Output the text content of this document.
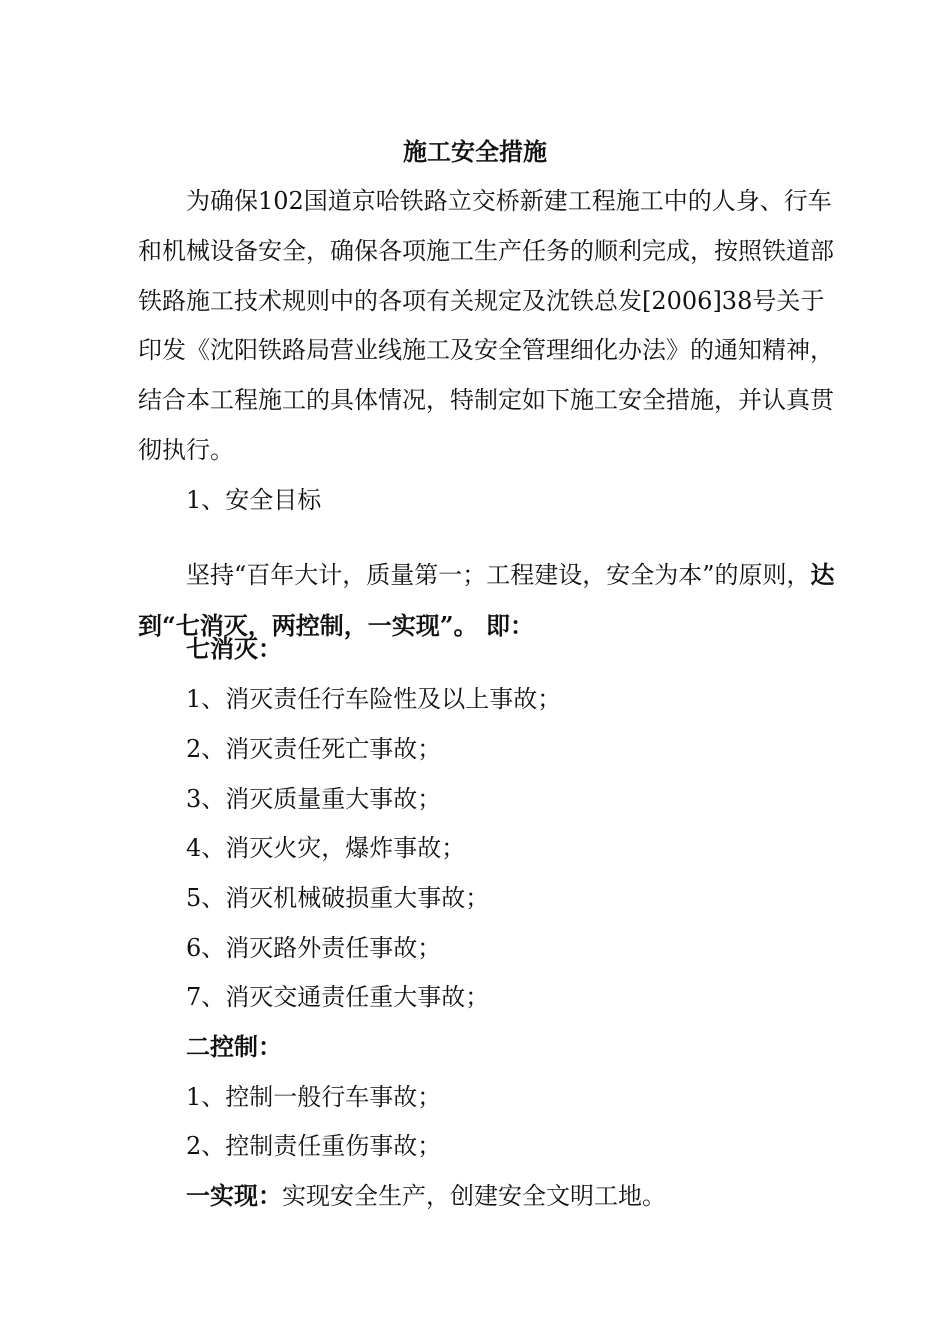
施工安全措施

为确保102国道京哈铁路立交桥新建工程施工中的人身、行车和机械设备安全，确保各项施工生产任务的顺利完成，按照铁道部铁路施工技术规则中的各项有关规定及沈铁总发[2006]38号关于印发《沈阳铁路局营业线施工及安全管理细化办法》的通知精神，结合本工程施工的具体情况，特制定如下施工安全措施，并认真贯彻执行。

1、安全目标

坚持“百年大计，质量第一；工程建设，安全为本”的原则，达到“七消灭，两控制，一实现”。 即：

七消灭：
1、消灭责任行车险性及以上事故；
2、消灭责任死亡事故；
3、消灭质量重大事故；
4、消灭火灾，爆炸事故；
5、消灭机械破损重大事故；
6、消灭路外责任事故；
7、消灭交通责任重大事故；
二控制：
1、控制一般行车事故；
2、控制责任重伤事故；
一实现：实现安全生产，创建安全文明工地。
